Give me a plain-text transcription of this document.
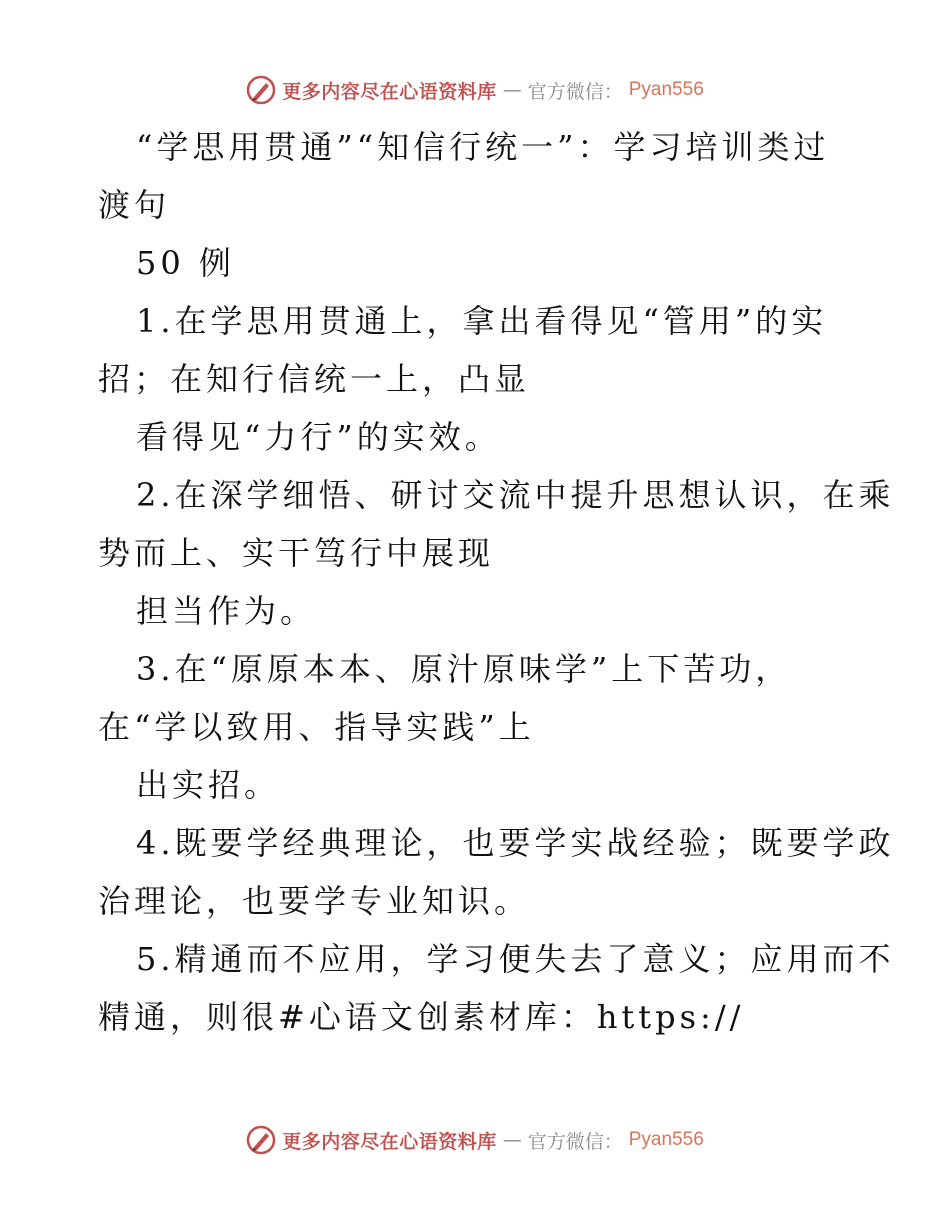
更多内容尽在心语资料库 — 官方微信： Pyan556
“学思用贯通”“知信行统一”：学习培训类过
渡句
50 例
1.在学思用贯通上，拿出看得见“管用”的实
招；在知行信统一上，凸显
看得见“力行”的实效。
2.在深学细悟、研讨交流中提升思想认识，在乘
势而上、实干笃行中展现
担当作为。
3.在“原原本本、原汁原味学”上下苦功，
在“学以致用、指导实践”上
出实招。
4.既要学经典理论，也要学实战经验；既要学政
治理论，也要学专业知识。
5.精通而不应用，学习便失去了意义；应用而不
精通，则很#心语文创素材库：https://
更多内容尽在心语资料库 — 官方微信： Pyan556
